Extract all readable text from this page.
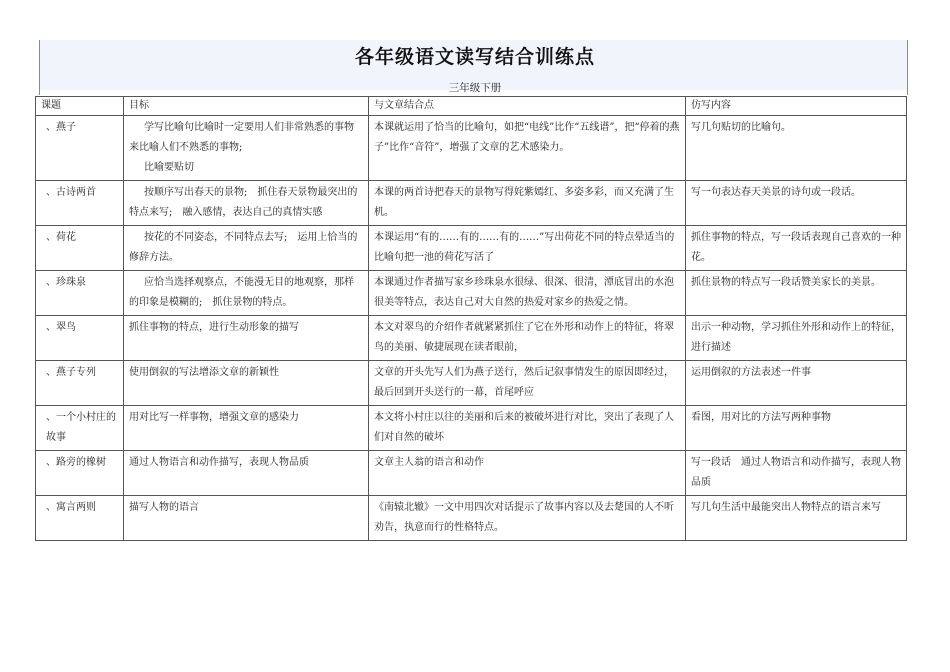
各年级语文读写结合训练点
三年级下册
课题	目标	与文章结合点	仿写内容
、燕子	学写比喻句比喻时一定要用人们非常熟悉的事物来比喻人们不熟悉的事物;
比喻要贴切	本课就运用了恰当的比喻句，如把“电线”比作“五线谱”，把“停着的燕子”比作“音符”，增强了文章的艺术感染力。	写几句贴切的比喻句。
、古诗两首	按顺序写出春天的景物;　抓住春天景物最突出的特点来写;　融入感情，表达自己的真情实感	本课的两首诗把春天的景物写得姹紫嫣红、多姿多彩，而又充满了生机。	写一句表达春天美景的诗句或一段话。
、荷花	按花的不同姿态，不同特点去写;　运用上恰当的修辞方法。	本课运用“有的……有的……有的……”写出荷花不同的特点晕适当的比喻句把一池的荷花写活了	抓住事物的特点，写一段话表现自己喜欢的一种花。
、珍珠泉	应恰当选择观察点，不能漫无目的地观察，那样的印象是模糊的;　抓住景物的特点。	本课通过作者描写家乡珍珠泉水很绿、很深、很清，潭底冒出的水泡很美等特点，表达自己对大自然的热爱对家乡的热爱之情。	抓住景物的特点写一段话赞美家长的美景。
、翠鸟	抓住事物的特点，进行生动形象的描写	本文对翠鸟的介绍作者就紧紧抓住了它在外形和动作上的特征，将翠鸟的美丽、敏捷展现在读者眼前，	出示一种动物，学习抓住外形和动作上的特征，进行描述
、燕子专列	使用倒叙的写法增添文章的新颖性	文章的开头先写人们为燕子送行，然后记叙事情发生的原因即经过，最后回到开头送行的一幕，首尾呼应	运用倒叙的方法表述一件事
、一个小村庄的故事	用对比写一样事物，增强文章的感染力	本文将小村庄以往的美丽和后来的被破坏进行对比，突出了表现了人们对自然的破坏	看图，用对比的方法写两种事物
、路旁的橡树	通过人物语言和动作描写，表现人物品质	文章主人翁的语言和动作	写一段话　通过人物语言和动作描写，表现人物品质
、寓言两则	描写人物的语言	《南辕北辙》一文中用四次对话提示了故事内容以及去楚国的人不听劝告，执意而行的性格特点。	写几句生活中最能突出人物特点的语言来写
